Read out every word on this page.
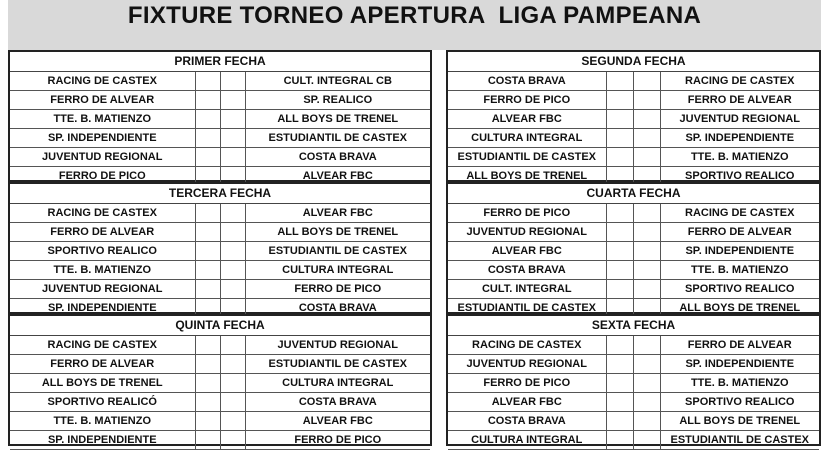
FIXTURE TORNEO APERTURA  LIGA PAMPEANA
PRIMER FECHA
RACING DE CASTEX			CULT. INTEGRAL CB
FERRO DE ALVEAR			SP. REALICO
TTE. B. MATIENZO			ALL BOYS DE TRENEL
SP. INDEPENDIENTE			ESTUDIANTIL DE CASTEX
JUVENTUD REGIONAL			COSTA BRAVA
FERRO DE PICO			ALVEAR FBC
SEGUNDA FECHA
COSTA BRAVA			RACING DE CASTEX
FERRO DE PICO			FERRO DE ALVEAR
ALVEAR FBC			JUVENTUD REGIONAL
CULTURA INTEGRAL			SP. INDEPENDIENTE
ESTUDIANTIL DE CASTEX			TTE. B. MATIENZO
ALL BOYS DE TRENEL			SPORTIVO REALICO
TERCERA FECHA
RACING DE CASTEX			ALVEAR FBC
FERRO DE ALVEAR			ALL BOYS DE TRENEL
SPORTIVO REALICO			ESTUDIANTIL DE CASTEX
TTE. B. MATIENZO			CULTURA INTEGRAL
JUVENTUD REGIONAL			FERRO DE PICO
SP. INDEPENDIENTE			COSTA BRAVA
CUARTA FECHA
FERRO DE PICO			RACING DE CASTEX
JUVENTUD REGIONAL			FERRO DE ALVEAR
ALVEAR FBC			SP. INDEPENDIENTE
COSTA BRAVA			TTE. B. MATIENZO
CULT. INTEGRAL			SPORTIVO REALICO
ESTUDIANTIL DE CASTEX			ALL BOYS DE TRENEL
QUINTA FECHA
RACING DE CASTEX			JUVENTUD REGIONAL
FERRO DE ALVEAR			ESTUDIANTIL DE CASTEX
ALL BOYS DE TRENEL			CULTURA INTEGRAL
SPORTIVO REALICÓ			COSTA BRAVA
TTE. B. MATIENZO			ALVEAR FBC
SP. INDEPENDIENTE			FERRO DE PICO
SEXTA FECHA
RACING DE CASTEX			FERRO DE ALVEAR
JUVENTUD REGIONAL			SP. INDEPENDIENTE
FERRO DE PICO			TTE. B. MATIENZO
ALVEAR FBC			SPORTIVO REALICO
COSTA BRAVA			ALL BOYS DE TRENEL
CULTURA INTEGRAL			ESTUDIANTIL DE CASTEX
